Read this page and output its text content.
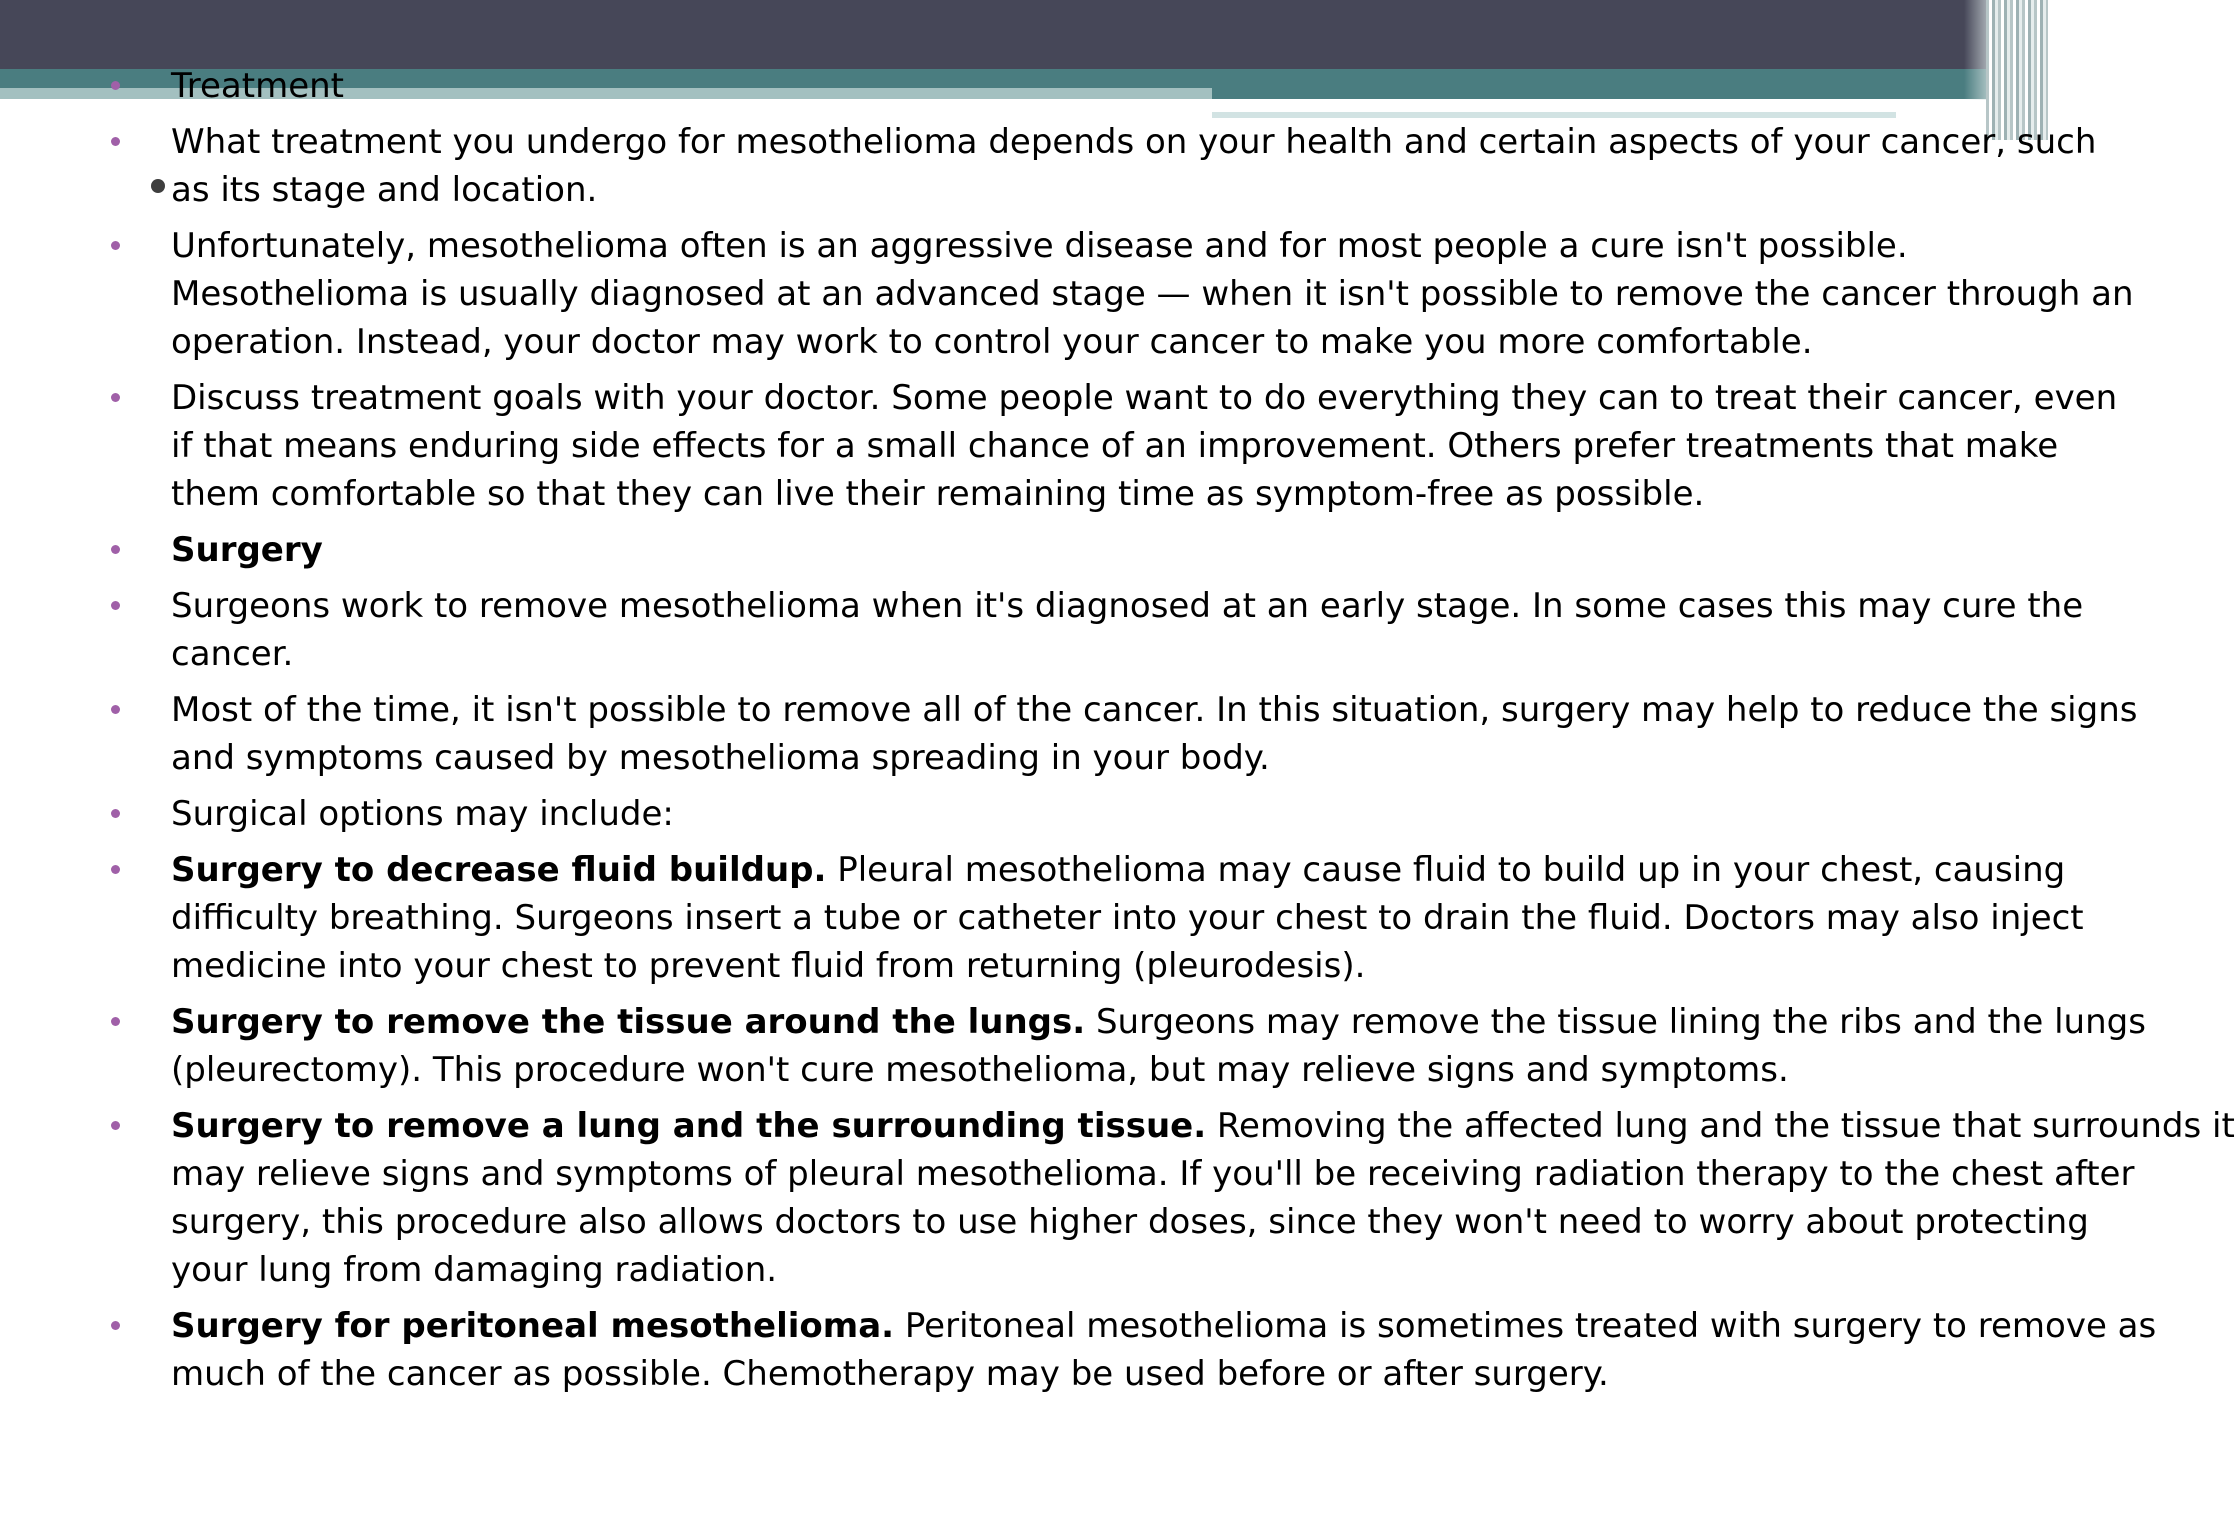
Treatment
What treatment you undergo for mesothelioma depends on your health and certain aspects of your cancer, such
as its stage and location.
Unfortunately, mesothelioma often is an aggressive disease and for most people a cure isn't possible.
Mesothelioma is usually diagnosed at an advanced stage — when it isn't possible to remove the cancer through an
operation. Instead, your doctor may work to control your cancer to make you more comfortable.
Discuss treatment goals with your doctor. Some people want to do everything they can to treat their cancer, even
if that means enduring side effects for a small chance of an improvement. Others prefer treatments that make
them comfortable so that they can live their remaining time as symptom-free as possible.
Surgery
Surgeons work to remove mesothelioma when it's diagnosed at an early stage. In some cases this may cure the
cancer.
Most of the time, it isn't possible to remove all of the cancer. In this situation, surgery may help to reduce the signs
and symptoms caused by mesothelioma spreading in your body.
Surgical options may include:
Surgery to decrease fluid buildup. Pleural mesothelioma may cause fluid to build up in your chest, causing
difficulty breathing. Surgeons insert a tube or catheter into your chest to drain the fluid. Doctors may also inject
medicine into your chest to prevent fluid from returning (pleurodesis).
Surgery to remove the tissue around the lungs. Surgeons may remove the tissue lining the ribs and the lungs
(pleurectomy). This procedure won't cure mesothelioma, but may relieve signs and symptoms.
Surgery to remove a lung and the surrounding tissue. Removing the affected lung and the tissue that surrounds it
may relieve signs and symptoms of pleural mesothelioma. If you'll be receiving radiation therapy to the chest after
surgery, this procedure also allows doctors to use higher doses, since they won't need to worry about protecting
your lung from damaging radiation.
Surgery for peritoneal mesothelioma. Peritoneal mesothelioma is sometimes treated with surgery to remove as
much of the cancer as possible. Chemotherapy may be used before or after surgery.
